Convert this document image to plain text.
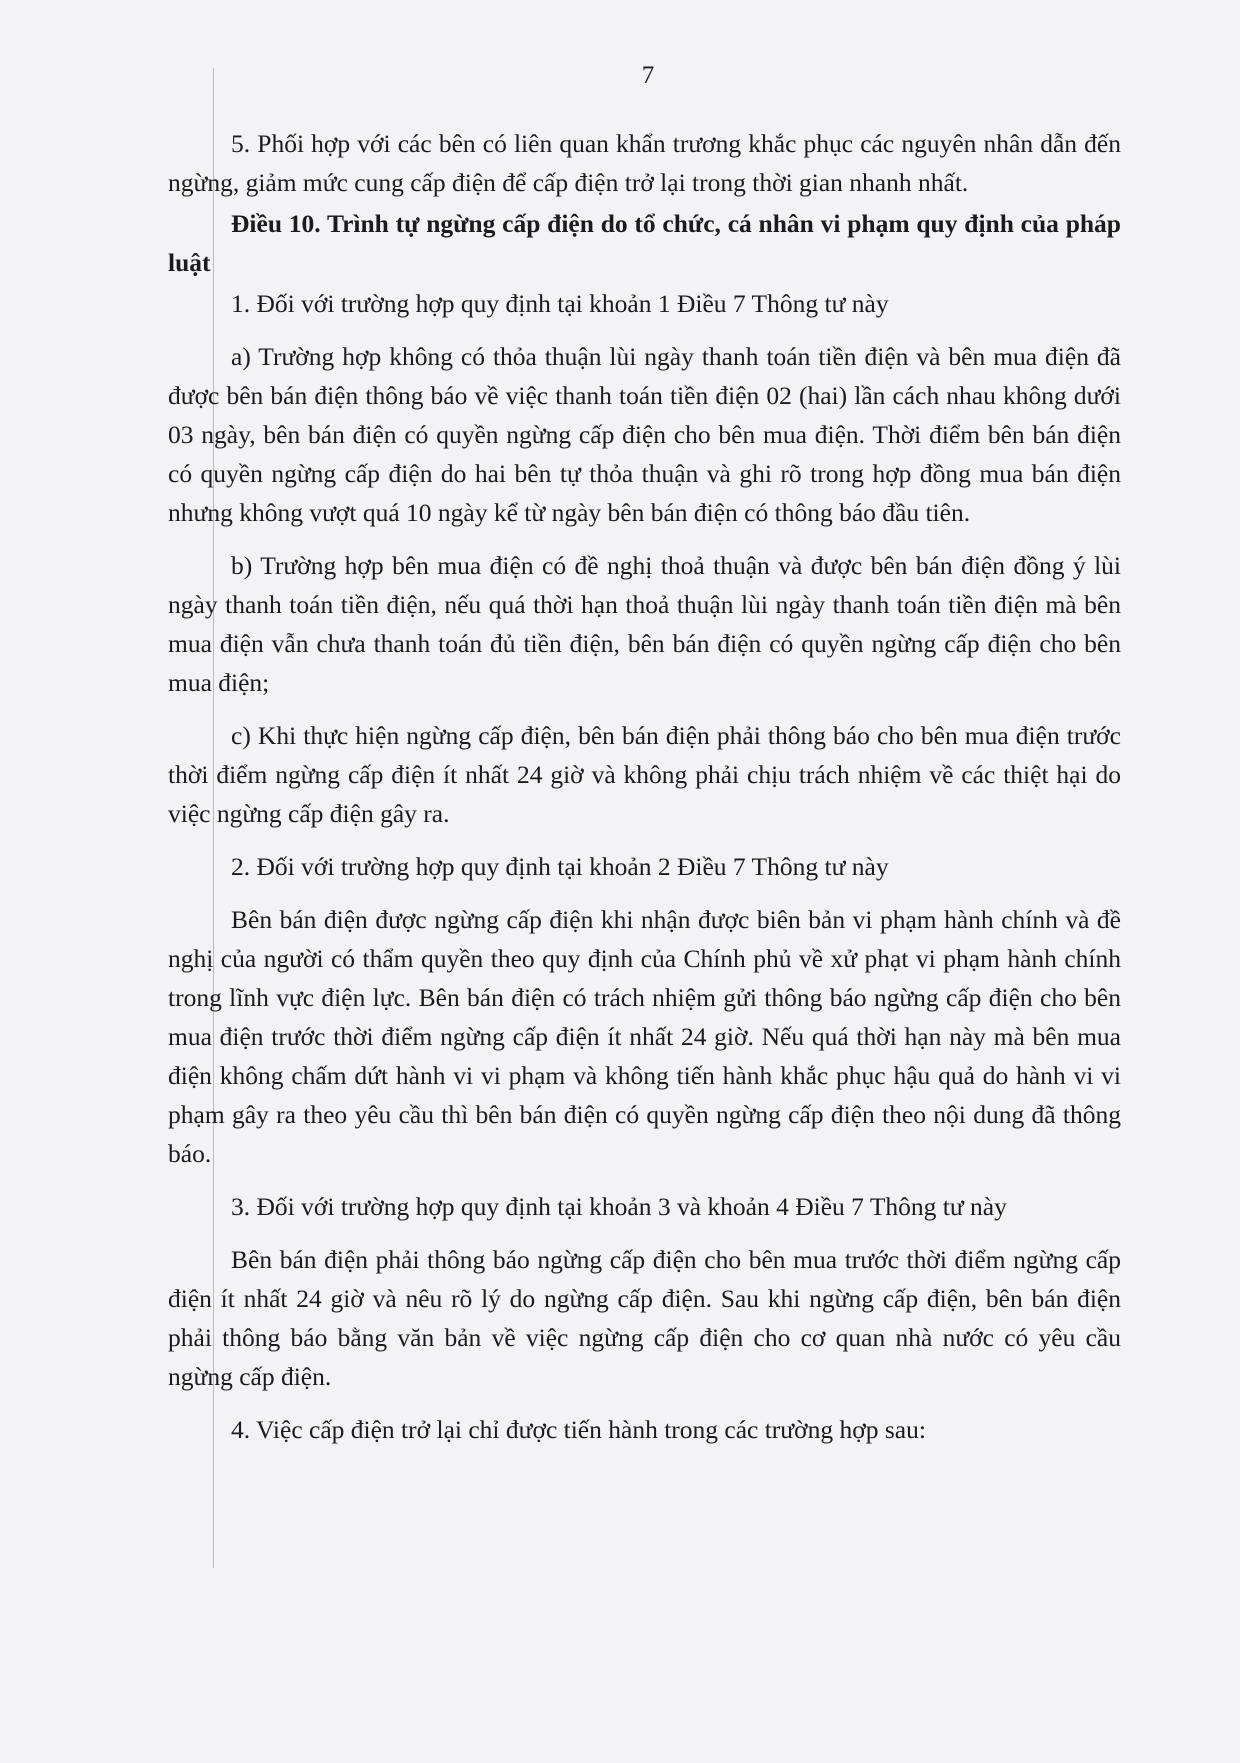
7

5. Phối hợp với các bên có liên quan khẩn trương khắc phục các nguyên nhân dẫn đến ngừng, giảm mức cung cấp điện để cấp điện trở lại trong thời gian nhanh nhất.

Điều 10. Trình tự ngừng cấp điện do tổ chức, cá nhân vi phạm quy định của pháp luật

1. Đối với trường hợp quy định tại khoản 1 Điều 7 Thông tư này

a) Trường hợp không có thỏa thuận lùi ngày thanh toán tiền điện và bên mua điện đã được bên bán điện thông báo về việc thanh toán tiền điện 02 (hai) lần cách nhau không dưới 03 ngày, bên bán điện có quyền ngừng cấp điện cho bên mua điện. Thời điểm bên bán điện có quyền ngừng cấp điện do hai bên tự thỏa thuận và ghi rõ trong hợp đồng mua bán điện nhưng không vượt quá 10 ngày kể từ ngày bên bán điện có thông báo đầu tiên.

b) Trường hợp bên mua điện có đề nghị thoả thuận và được bên bán điện đồng ý lùi ngày thanh toán tiền điện, nếu quá thời hạn thoả thuận lùi ngày thanh toán tiền điện mà bên mua điện vẫn chưa thanh toán đủ tiền điện, bên bán điện có quyền ngừng cấp điện cho bên mua điện;

c) Khi thực hiện ngừng cấp điện, bên bán điện phải thông báo cho bên mua điện trước thời điểm ngừng cấp điện ít nhất 24 giờ và không phải chịu trách nhiệm về các thiệt hại do việc ngừng cấp điện gây ra.

2. Đối với trường hợp quy định tại khoản 2 Điều 7 Thông tư này

Bên bán điện được ngừng cấp điện khi nhận được biên bản vi phạm hành chính và đề nghị của người có thẩm quyền theo quy định của Chính phủ về xử phạt vi phạm hành chính trong lĩnh vực điện lực. Bên bán điện có trách nhiệm gửi thông báo ngừng cấp điện cho bên mua điện trước thời điểm ngừng cấp điện ít nhất 24 giờ. Nếu quá thời hạn này mà bên mua điện không chấm dứt hành vi vi phạm và không tiến hành khắc phục hậu quả do hành vi vi phạm gây ra theo yêu cầu thì bên bán điện có quyền ngừng cấp điện theo nội dung đã thông báo.

3. Đối với trường hợp quy định tại khoản 3 và khoản 4 Điều 7 Thông tư này

Bên bán điện phải thông báo ngừng cấp điện cho bên mua trước thời điểm ngừng cấp điện ít nhất 24 giờ và nêu rõ lý do ngừng cấp điện. Sau khi ngừng cấp điện, bên bán điện phải thông báo bằng văn bản về việc ngừng cấp điện cho cơ quan nhà nước có yêu cầu ngừng cấp điện.

4. Việc cấp điện trở lại chỉ được tiến hành trong các trường hợp sau:
